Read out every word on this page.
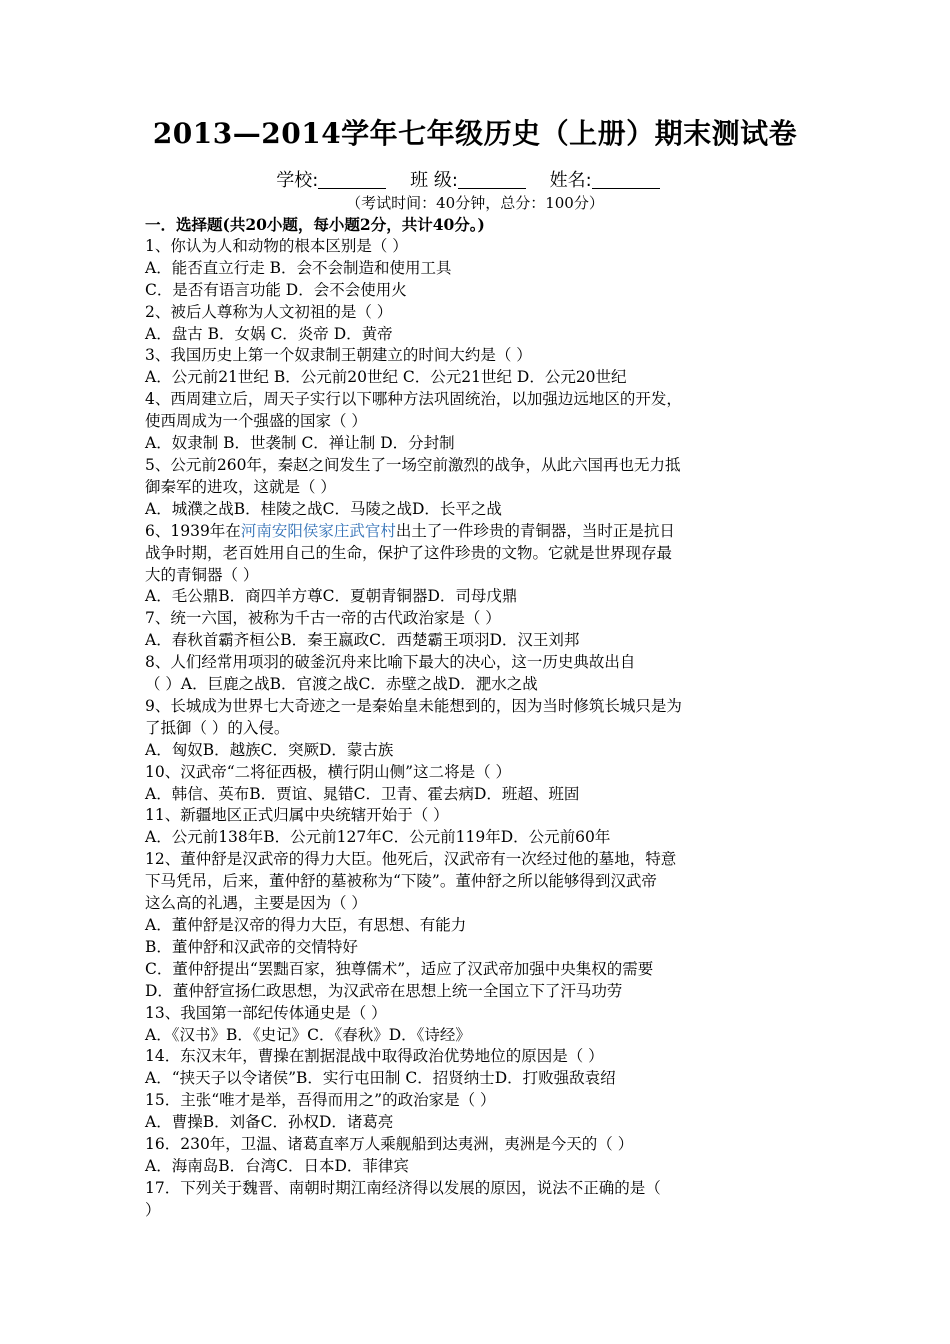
2013—2014学年七年级历史（上册）期末测试卷
学校:	班 级:	姓名:
（考试时间：40分钟，总分：100分）
一．选择题(共20小题，每小题2分，共计40分。)
1、你认为人和动物的根本区别是（ ）
A．能否直立行走 B．会不会制造和使用工具
C．是否有语言功能 D．会不会使用火
2、被后人尊称为人文初祖的是（ ）
A．盘古 B．女娲 C．炎帝 D．黄帝
3、我国历史上第一个奴隶制王朝建立的时间大约是（ ）
A．公元前21世纪 B．公元前20世纪 C．公元21世纪 D．公元20世纪
4、西周建立后，周天子实行以下哪种方法巩固统治，以加强边远地区的开发，
使西周成为一个强盛的国家（ ）
A．奴隶制 B．世袭制 C．禅让制 D．分封制
5、公元前260年，秦赵之间发生了一场空前激烈的战争，从此六国再也无力抵
御秦军的进攻，这就是（ ）
A．城濮之战B．桂陵之战C．马陵之战D．长平之战
6、1939年在河南安阳侯家庄武官村出土了一件珍贵的青铜器，当时正是抗日
战争时期，老百姓用自己的生命，保护了这件珍贵的文物。它就是世界现存最
大的青铜器（ ）
A．毛公鼎B．商四羊方尊C．夏朝青铜器D．司母戊鼎
7、统一六国，被称为千古一帝的古代政治家是（ ）
A．春秋首霸齐桓公B．秦王嬴政C．西楚霸王项羽D．汉王刘邦
8、人们经常用项羽的破釜沉舟来比喻下最大的决心，这一历史典故出自
（ ）A．巨鹿之战B．官渡之战C．赤壁之战D．淝水之战
9、长城成为世界七大奇迹之一是秦始皇未能想到的，因为当时修筑长城只是为
了抵御（ ）的入侵。
A．匈奴B．越族C．突厥D．蒙古族
10、汉武帝“二将征西极，横行阴山侧”这二将是（ ）
A．韩信、英布B．贾谊、晁错C．卫青、霍去病D．班超、班固
11、新疆地区正式归属中央统辖开始于（ ）
A．公元前138年B．公元前127年C．公元前119年D．公元前60年
12、董仲舒是汉武帝的得力大臣。他死后，汉武帝有一次经过他的墓地，特意
下马凭吊，后来，董仲舒的墓被称为“下陵”。董仲舒之所以能够得到汉武帝
这么高的礼遇，主要是因为（ ）
A．董仲舒是汉帝的得力大臣，有思想、有能力
B．董仲舒和汉武帝的交情特好
C．董仲舒提出“罢黜百家，独尊儒术”，适应了汉武帝加强中央集权的需要
D．董仲舒宣扬仁政思想，为汉武帝在思想上统一全国立下了汗马功劳
13、我国第一部纪传体通史是（ ）
A．《汉书》B．《史记》C．《春秋》D．《诗经》
14．东汉末年，曹操在割据混战中取得政治优势地位的原因是（ ）
A．“挟天子以令诸侯”B．实行屯田制 C．招贤纳士D．打败强敌袁绍
15．主张“唯才是举，吾得而用之”的政治家是（ ）
A．曹操B．刘备C．孙权D．诸葛亮
16．230年，卫温、诸葛直率万人乘舰船到达夷洲，夷洲是今天的（ ）
A．海南岛B．台湾C．日本D．菲律宾
17．下列关于魏晋、南朝时期江南经济得以发展的原因，说法不正确的是（
）
